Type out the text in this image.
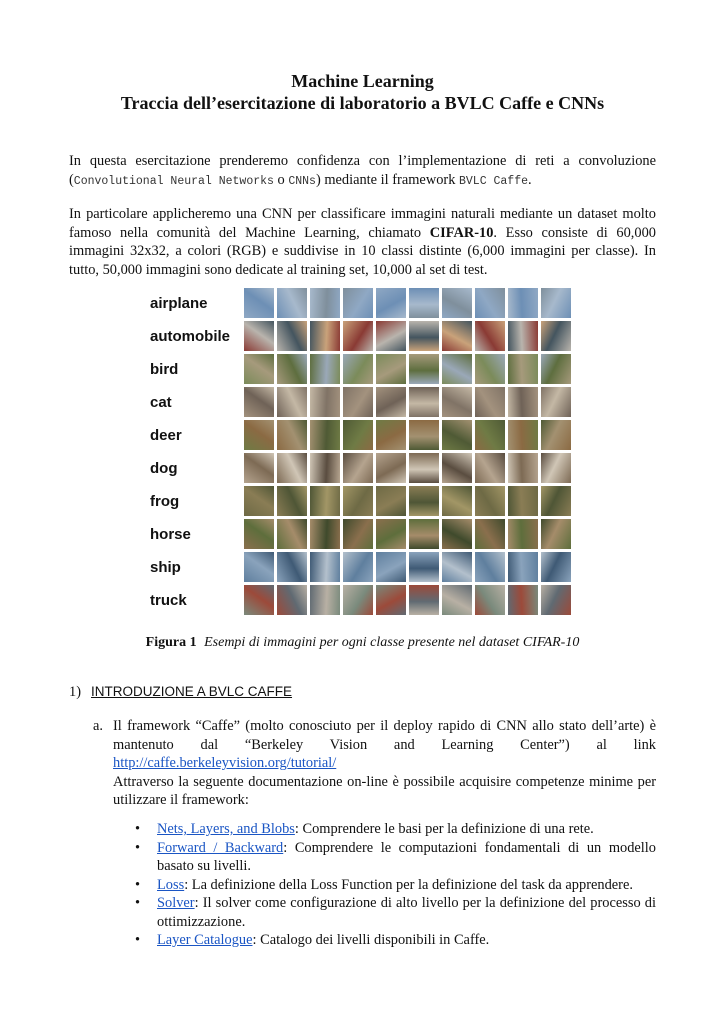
Machine Learning
Traccia dell’esercitazione di laboratorio a BVLC Caffe e CNNs
In questa esercitazione prenderemo confidenza con l’implementazione di reti a convoluzione (Convolutional Neural Networks o CNNs) mediante il framework BVLC Caffe.
In particolare applicheremo una CNN per classificare immagini naturali mediante un dataset molto famoso nella comunità del Machine Learning, chiamato CIFAR-10. Esso consiste di 60,000 immagini 32x32, a colori (RGB) e suddivise in 10 classi distinte (6,000 immagini per classe). In tutto, 50,000 immagini sono dedicate al training set, 10,000 al set di test.
airplane
automobile
bird
cat
deer
dog
frog
horse
ship
truck
Figura 1 Esempi di immagini per ogni classe presente nel dataset CIFAR-10
1) INTRODUZIONE A BVLC CAFFE
a. Il framework “Caffe” (molto conosciuto per il deploy rapido di CNN allo stato dell’arte) è mantenuto dal “Berkeley Vision and Learning Center”) al link http://caffe.berkeleyvision.org/tutorial/
Attraverso la seguente documentazione on-line è possibile acquisire competenze minime per utilizzare il framework:
• Nets, Layers, and Blobs: Comprendere le basi per la definizione di una rete.
• Forward / Backward: Comprendere le computazioni fondamentali di un modello basato su livelli.
• Loss: La definizione della Loss Function per la definizione del task da apprendere.
• Solver: Il solver come configurazione di alto livello per la definizione del processo di ottimizzazione.
• Layer Catalogue: Catalogo dei livelli disponibili in Caffe.
